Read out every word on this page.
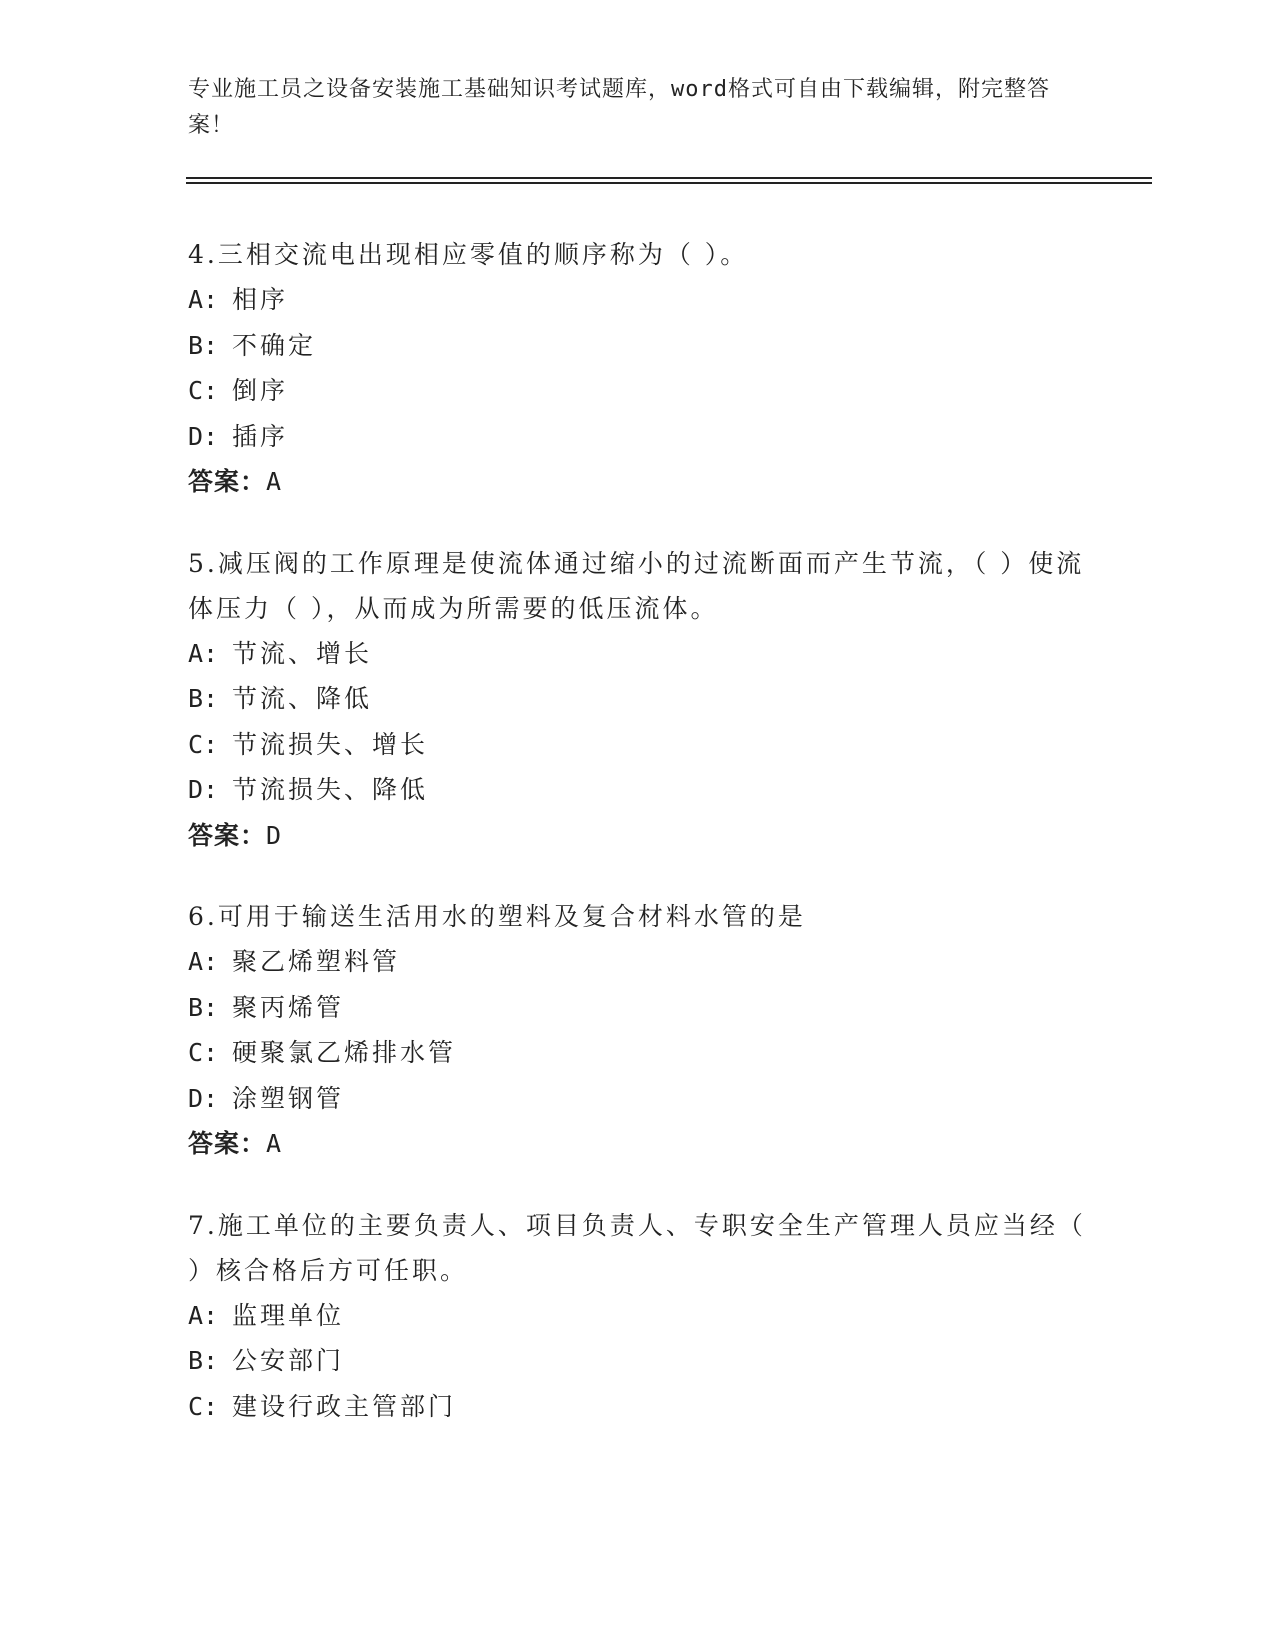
专业施工员之设备安装施工基础知识考试题库，word格式可自由下载编辑，附完整答案！
4.三相交流电出现相应零值的顺序称为（ ）。
A: 相序
B: 不确定
C: 倒序
D: 插序
答案：A
5.减压阀的工作原理是使流体通过缩小的过流断面而产生节流，（ ）使流体压力（ ），从而成为所需要的低压流体。
A: 节流、增长
B: 节流、降低
C: 节流损失、增长
D: 节流损失、降低
答案：D
6.可用于输送生活用水的塑料及复合材料水管的是
A: 聚乙烯塑料管
B: 聚丙烯管
C: 硬聚氯乙烯排水管
D: 涂塑钢管
答案：A
7.施工单位的主要负责人、项目负责人、专职安全生产管理人员应当经（ ）核合格后方可任职。
A: 监理单位
B: 公安部门
C: 建设行政主管部门
